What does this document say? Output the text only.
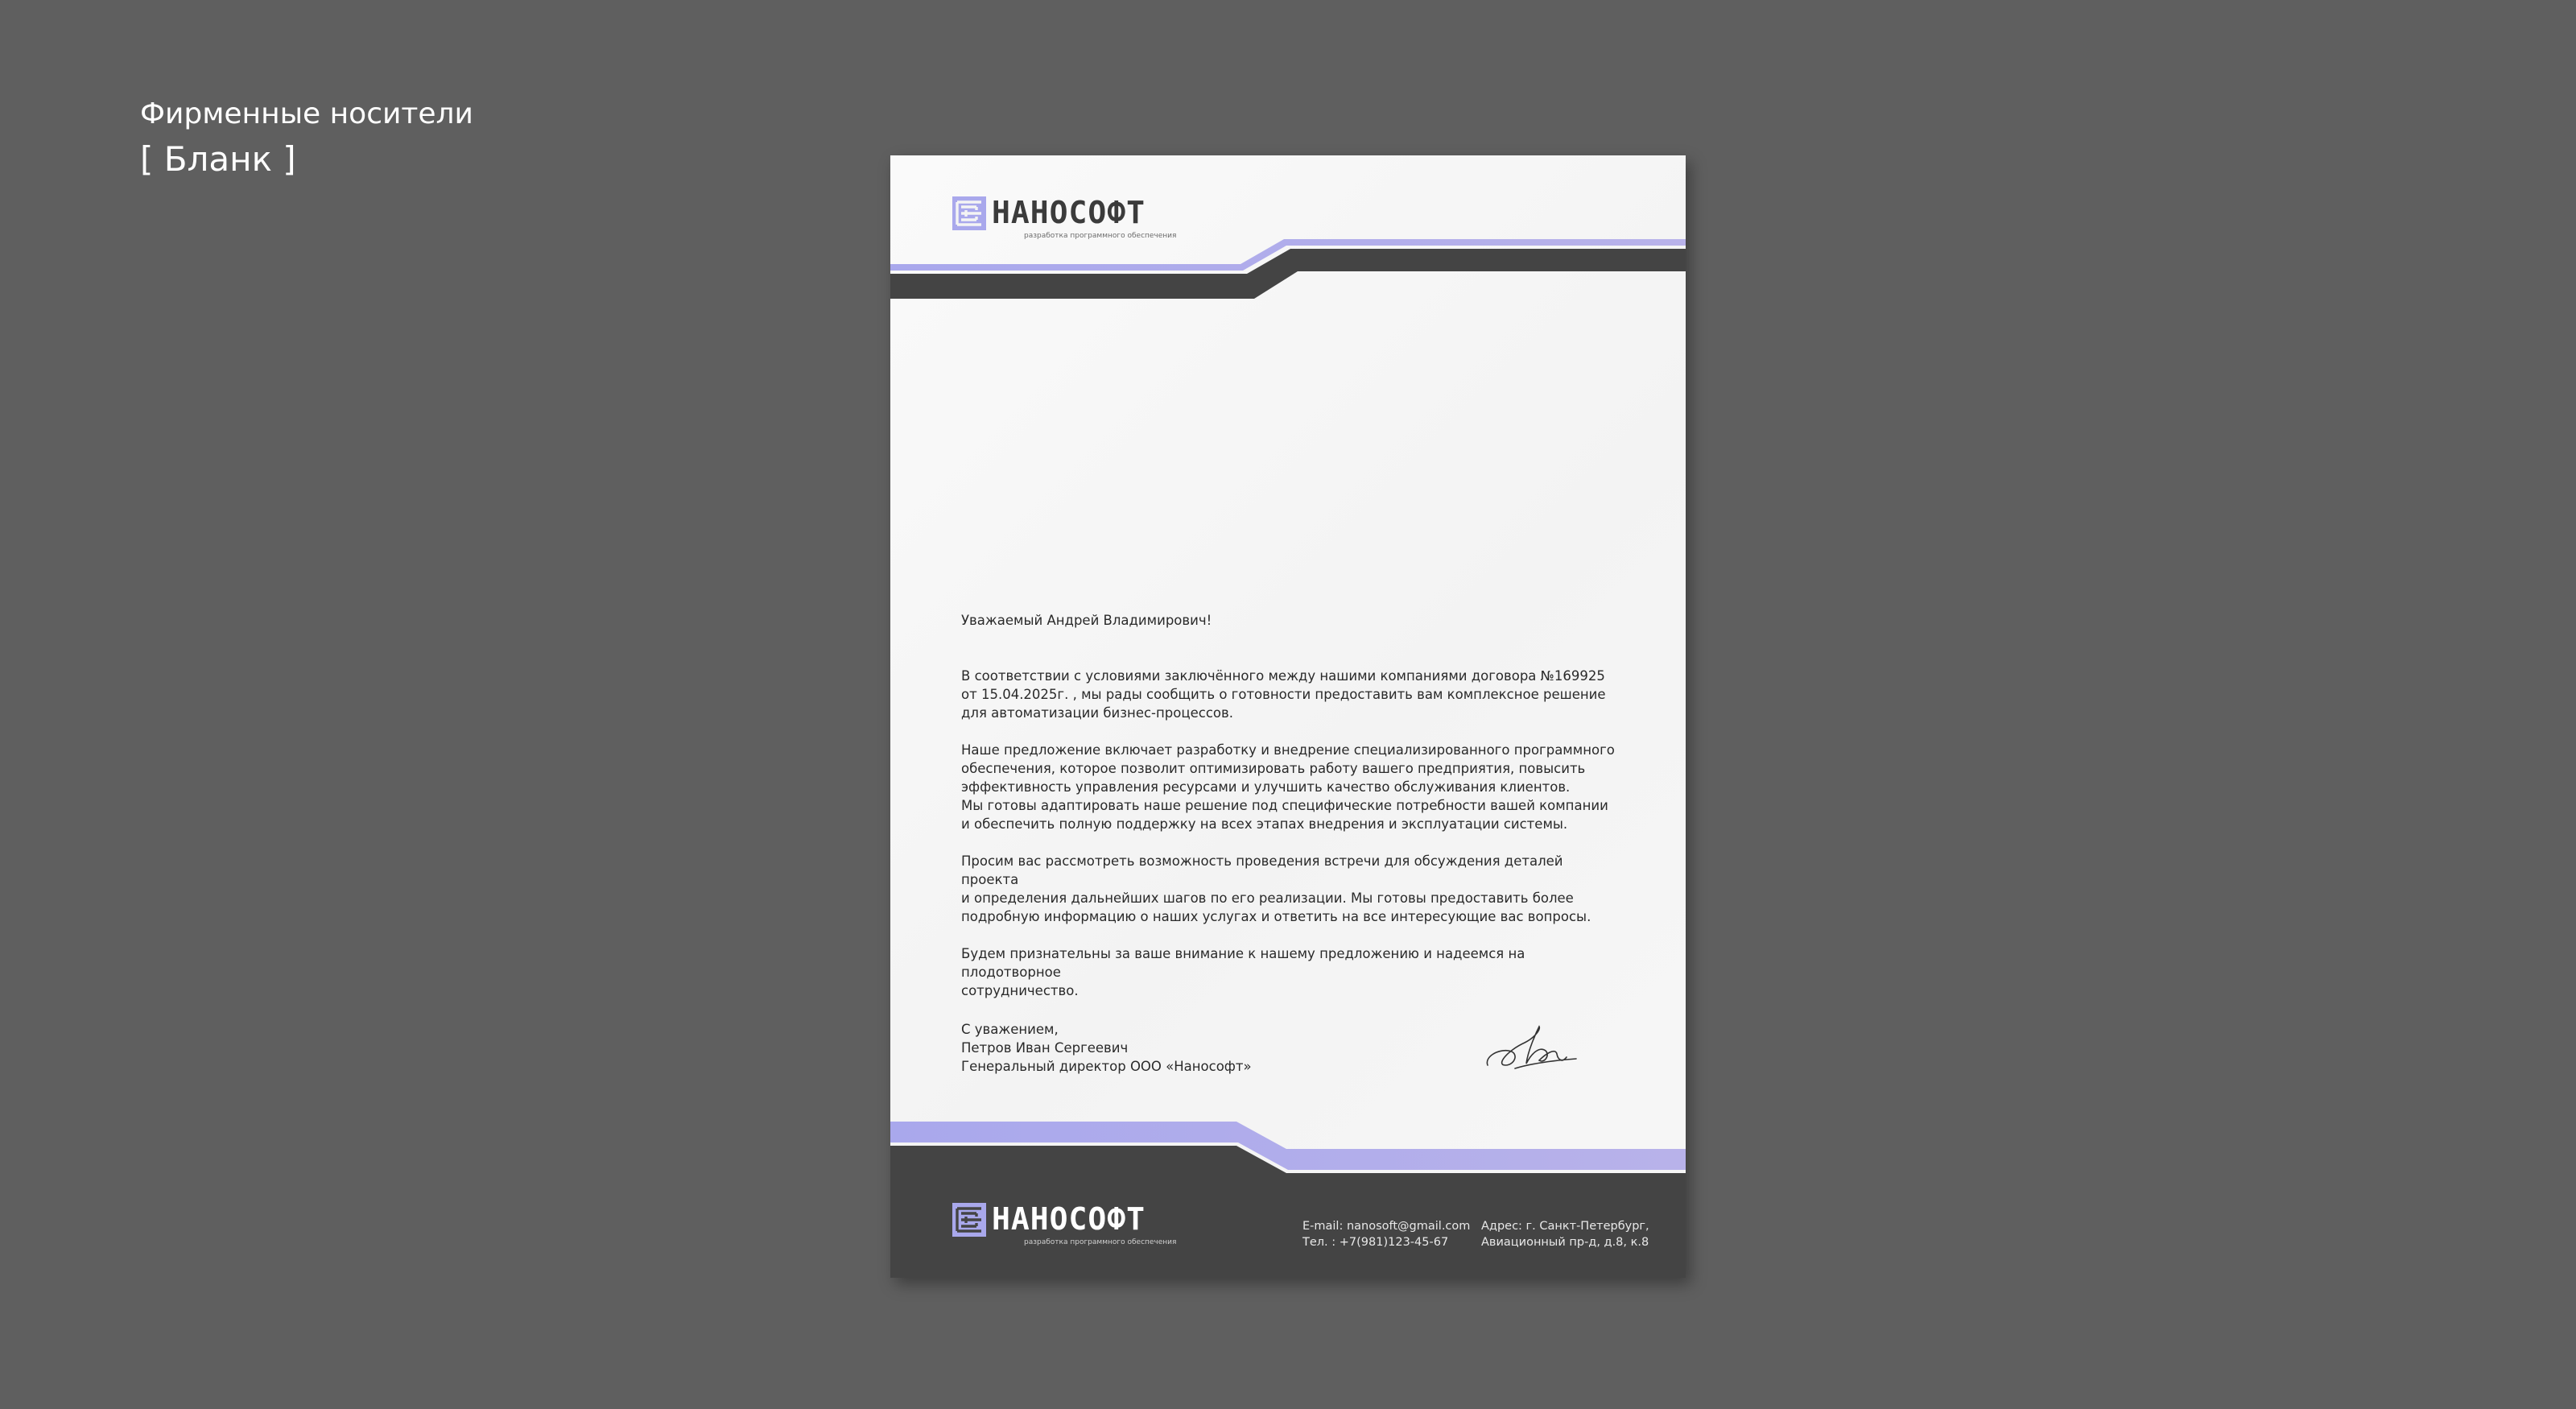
Фирменные носители
[ Бланк ]
НАНОСОФТ
разработка программного обеспечения

Уважаемый Андрей Владимирович!

В соответствии с условиями заключённого между нашими компаниями договора №169925
от 15.04.2025г. , мы рады сообщить о готовности предоставить вам комплексное решение
для автоматизации бизнес-процессов.

Наше предложение включает разработку и внедрение специализированного программного
обеспечения, которое позволит оптимизировать работу вашего предприятия, повысить
эффективность управления ресурсами и улучшить качество обслуживания клиентов.
Мы готовы адаптировать наше решение под специфические потребности вашей компании
и обеспечить полную поддержку на всех этапах внедрения и эксплуатации системы.

Просим вас рассмотреть возможность проведения встречи для обсуждения деталей проекта
и определения дальнейших шагов по его реализации. Мы готовы предоставить более
подробную информацию о наших услугах и ответить на все интересующие вас вопросы.

Будем признательны за ваше внимание к нашему предложению и надеемся на плодотворное
сотрудничество.

С уважением,
Петров Иван Сергеевич
Генеральный директор ООО «Нанософт»
НАНОСОФТ
разработка программного обеспечения
E-mail: nanosoft@gmail.com
Тел. : +7(981)123-45-67
Адрес: г. Санкт-Петербург,
Авиационный пр-д, д.8, к.8
